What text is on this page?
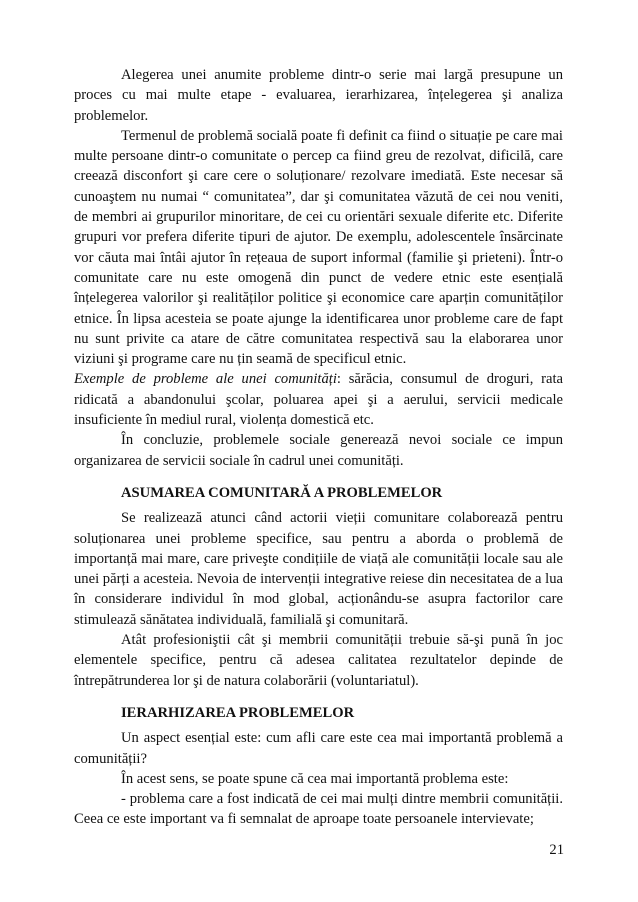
Alegerea unei anumite probleme dintr-o serie mai largă presupune un proces cu mai multe etape - evaluarea, ierarhizarea, înțelegerea şi analiza problemelor.

Termenul de problemă socială poate fi definit ca fiind o situație pe care mai multe persoane dintr-o comunitate o percep ca fiind greu de rezolvat, dificilă, care creează disconfort şi care cere o soluționare/ rezolvare imediată. Este necesar să cunoaştem nu numai “ comunitatea”, dar şi comunitatea văzută de cei nou veniti, de membri ai grupurilor minoritare, de cei cu orientări sexuale diferite etc. Diferite grupuri vor prefera diferite tipuri de ajutor. De exemplu, adolescentele însărcinate vor căuta mai întâi ajutor în rețeaua de suport informal (familie şi prieteni). Într-o comunitate care nu este omogenă din punct de vedere etnic este esențială înțelegerea valorilor şi realităților politice şi economice care aparțin comunităților etnice. În lipsa acesteia se poate ajunge la identificarea unor probleme care de fapt nu sunt privite ca atare de către comunitatea respectivă sau la elaborarea unor viziuni şi programe care nu țin seamă de specificul etnic.

Exemple de probleme ale unei comunități: sărăcia, consumul de droguri, rata ridicată a abandonului şcolar, poluarea apei şi a aerului, servicii medicale insuficiente în mediul rural, violența domestică etc.

În concluzie, problemele sociale generează nevoi sociale ce impun organizarea de servicii sociale în cadrul unei comunități.

ASUMAREA COMUNITARĂ A PROBLEMELOR

Se realizează atunci când actorii vieții comunitare colaborează pentru soluționarea unei probleme specifice, sau pentru a aborda o problemă de importanță mai mare, care priveşte condițiile de viață ale comunității locale sau ale unei părți a acesteia. Nevoia de intervenții integrative reiese din necesitatea de a lua în considerare individul în mod global, acționându-se asupra factorilor care stimulează sănătatea individuală, familială şi comunitară.

Atât profesioniştii cât şi membrii comunității trebuie să-şi pună în joc elementele specifice, pentru că adesea calitatea rezultatelor depinde de întrepătrunderea lor şi de natura colaborării (voluntariatul).

IERARHIZAREA PROBLEMELOR

Un aspect esențial este: cum afli care este cea mai importantă problemă a comunității?

În acest sens, se poate spune că cea mai importantă problema este:

- problema care a fost indicată de cei mai mulți dintre membrii comunității. Ceea ce este important va fi semnalat de aproape toate persoanele intervievate;

21
